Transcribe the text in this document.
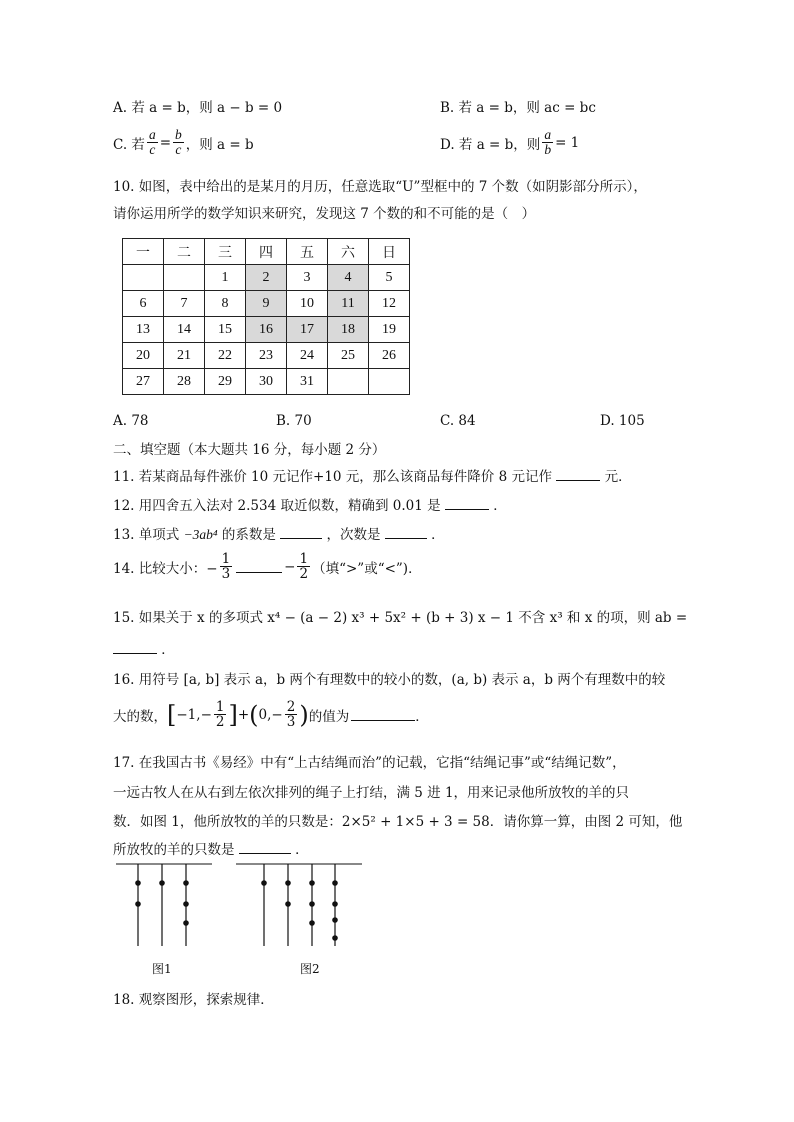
A. 若 a = b，则 a − b = 0	B. 若 a = b，则 ac = bc
C. 若 $\frac{a}{c} = \frac{b}{c}$ ，则 a = b	D. 若 a = b，则 $\frac{a}{b} = 1$
10. 如图，表中给出的是某月的月历，任意选取“U”型框中的 7 个数（如阴影部分所示），
请你运用所学的数学知识来研究，发现这 7 个数的和不可能的是（　）
一	二	三	四	五	六	日
		1	2	3	4	5
6	7	8	9	10	11	12
13	14	15	16	17	18	19
20	21	22	23	24	25	26
27	28	29	30	31		
A. 78	B. 70	C. 84	D. 105
二、填空题（本大题共 16 分，每小题 2 分）
11. 若某商品每件涨价 10 元记作+10 元，那么该商品每件降价 8 元记作	元．
12. 用四舍五入法对 2.534 取近似数，精确到 0.01 是	．
13. 单项式 −3ab⁴ 的系数是	，次数是	．
14. 比较大小：− $\frac{1}{3}$	− $\frac{1}{2}$ （填“>”或“<”)．
15. 如果关于 x 的多项式 x⁴ − (a − 2) x³ + 5x² + (b + 3) x − 1 不含 x³ 和 x 的项，则 ab =
．
16. 用符号 [a, b] 表示 a，b 两个有理数中的较小的数，(a, b) 表示 a，b 两个有理数中的较
大的数， [ $-1,- \frac{1}{2}$ ] + ( $0,- \frac{2}{3}$ ) 的值为	．
17. 在我国古书《易经》中有“上古结绳而治”的记载，它指“结绳记事”或“结绳记数”，
一远古牧人在从右到左依次排列的绳子上打结，满 5 进 1，用来记录他所放牧的羊的只
数．如图 1，他所放牧的羊的只数是：2×5² + 1×5 + 3 = 58．请你算一算，由图 2 可知，他
所放牧的羊的只数是	．
图1	图2
18. 观察图形，探索规律．
